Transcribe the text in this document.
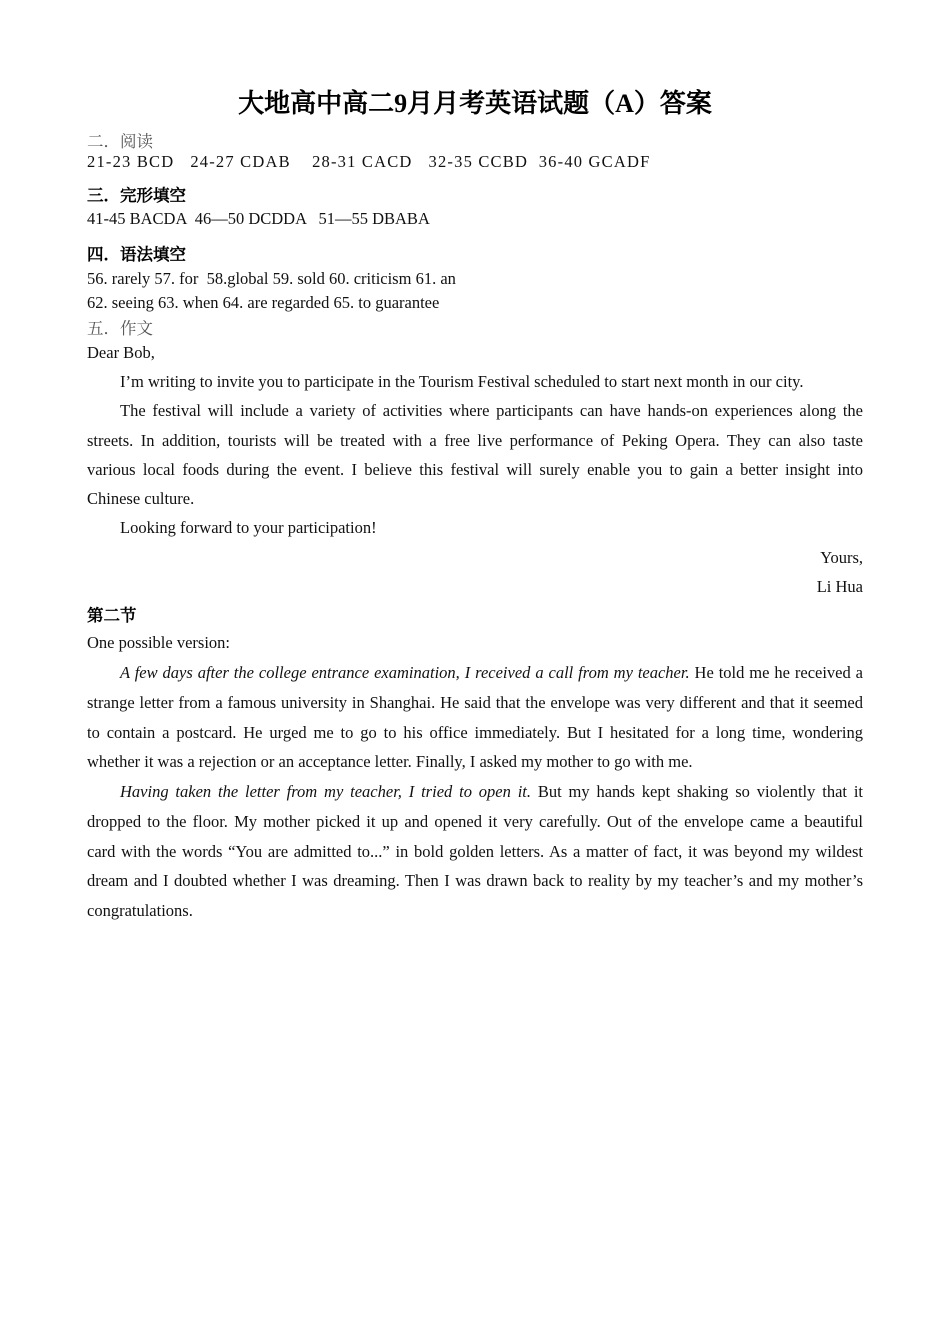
大地高中高二9月月考英语试题（A）答案
二．阅读
21-23 BCD   24-27 CDAB    28-31 CACD   32-35 CCBD  36-40 GCADF
三．完形填空
41-45 BACDA  46—50 DCDDA   51—55 DBABA
四．语法填空
56. rarely 57. for  58.global 59. sold 60. criticism 61. an
62. seeing 63. when 64. are regarded 65. to guarantee
五．作文
Dear Bob,
I’m writing to invite you to participate in the Tourism Festival scheduled to start next month in our city.
The festival will include a variety of activities where participants can have hands-on experiences along the
streets. In addition, tourists will be treated with a free live performance of Peking Opera. They can also taste
various local foods during the event. I believe this festival will surely enable you to gain a better insight into
Chinese culture.
Looking forward to your participation!
Yours,
Li Hua
第二节
One possible version:
A few days after the college entrance examination, I received a call from my teacher. He told me he received a
strange letter from a famous university in Shanghai. He said that the envelope was very different and that it seemed
to contain a postcard. He urged me to go to his office immediately. But I hesitated for a long time, wondering
whether it was a rejection or an acceptance letter. Finally, I asked my mother to go with me.
Having taken the letter from my teacher, I tried to open it. But my hands kept shaking so violently that it
dropped to the floor. My mother picked it up and opened it very carefully. Out of the envelope came a beautiful
card with the words “You are admitted to...” in bold golden letters. As a matter of fact, it was beyond my wildest
dream and I doubted whether I was dreaming. Then I was drawn back to reality by my teacher’s and my mother’s
congratulations.
